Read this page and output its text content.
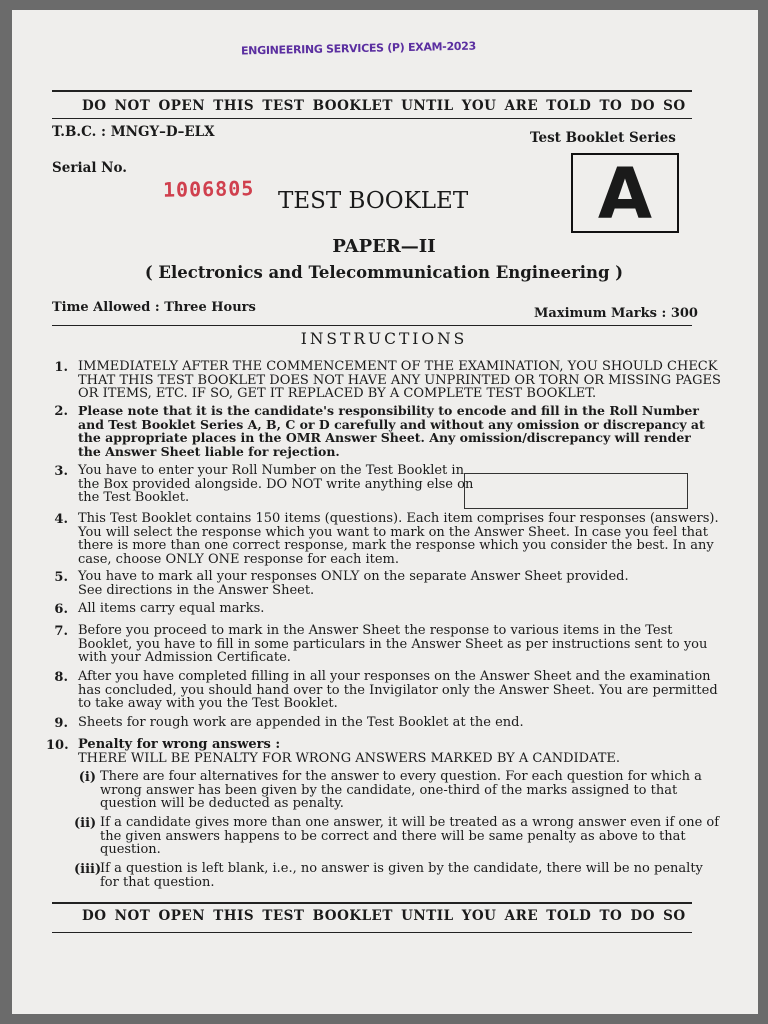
ENGINEERING SERVICES (P) EXAM-2023
DO NOT OPEN THIS TEST BOOKLET UNTIL YOU ARE TOLD TO DO SO
T.B.C. : MNGY–D–ELX
Serial No.
1006805 TEST BOOKLET
Test Booklet Series
A
PAPER—II
( Electronics and Telecommunication Engineering )
Time Allowed : Three Hours	Maximum Marks : 300
INSTRUCTIONS
1. IMMEDIATELY AFTER THE COMMENCEMENT OF THE EXAMINATION, YOU SHOULD CHECK
THAT THIS TEST BOOKLET DOES NOT HAVE ANY UNPRINTED OR TORN OR MISSING PAGES
OR ITEMS, ETC. IF SO, GET IT REPLACED BY A COMPLETE TEST BOOKLET.
2. Please note that it is the candidate's responsibility to encode and fill in the Roll Number
and Test Booklet Series A, B, C or D carefully and without any omission or discrepancy at
the appropriate places in the OMR Answer Sheet. Any omission/discrepancy will render
the Answer Sheet liable for rejection.
3. You have to enter your Roll Number on the Test Booklet in
the Box provided alongside. DO NOT write anything else on
the Test Booklet.
4. This Test Booklet contains 150 items (questions). Each item comprises four responses (answers).
You will select the response which you want to mark on the Answer Sheet. In case you feel that
there is more than one correct response, mark the response which you consider the best. In any
case, choose ONLY ONE response for each item.
5. You have to mark all your responses ONLY on the separate Answer Sheet provided.
See directions in the Answer Sheet.
6. All items carry equal marks.
7. Before you proceed to mark in the Answer Sheet the response to various items in the Test
Booklet, you have to fill in some particulars in the Answer Sheet as per instructions sent to you
with your Admission Certificate.
8. After you have completed filling in all your responses on the Answer Sheet and the examination
has concluded, you should hand over to the Invigilator only the Answer Sheet. You are permitted
to take away with you the Test Booklet.
9. Sheets for rough work are appended in the Test Booklet at the end.
10. Penalty for wrong answers :
THERE WILL BE PENALTY FOR WRONG ANSWERS MARKED BY A CANDIDATE.
(i) There are four alternatives for the answer to every question. For each question for which a
wrong answer has been given by the candidate, one-third of the marks assigned to that
question will be deducted as penalty.
(ii) If a candidate gives more than one answer, it will be treated as a wrong answer even if one of
the given answers happens to be correct and there will be same penalty as above to that
question.
(iii)
If a question is left blank, i.e., no answer is given by the candidate, there will be no penalty
for that question.
DO NOT OPEN THIS TEST BOOKLET UNTIL YOU ARE TOLD TO DO SO
